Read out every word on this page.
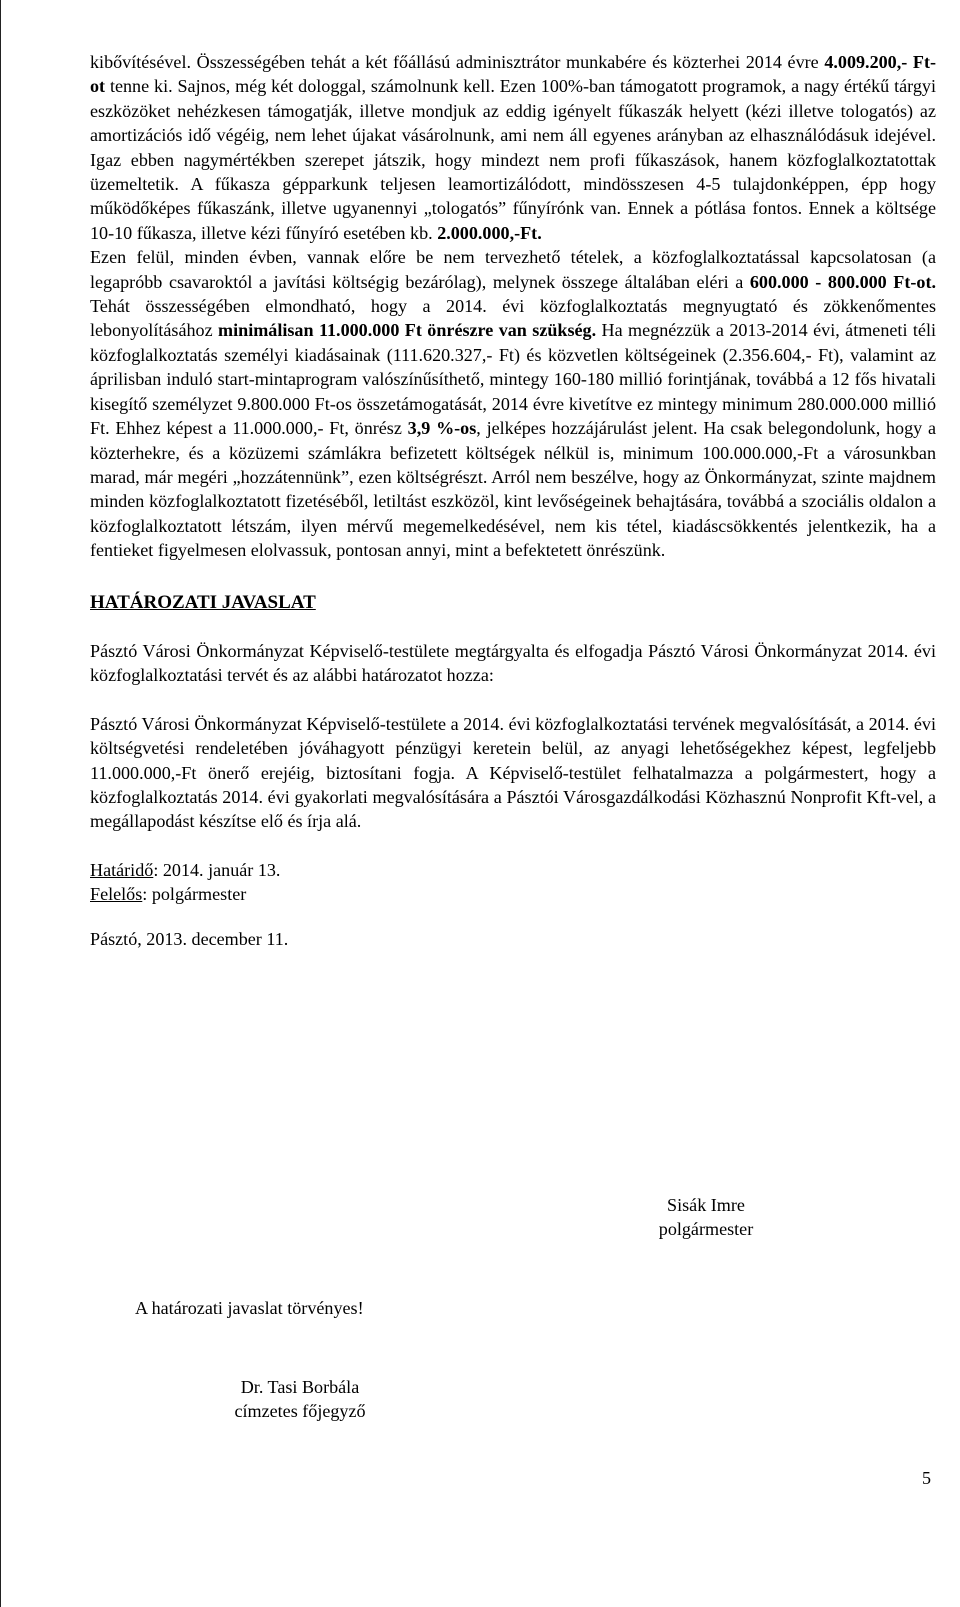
kibővítésével. Összességében tehát a két főállású adminisztrátor munkabére és közterhei 2014 évre 4.009.200,- Ft-ot tenne ki. Sajnos, még két dologgal, számolnunk kell. Ezen 100%-ban támogatott programok, a nagy értékű tárgyi eszközöket nehézkesen támogatják, illetve mondjuk az eddig igényelt fűkaszák helyett (kézi illetve tologatós) az amortizációs idő végéig, nem lehet újakat vásárolnunk, ami nem áll egyenes arányban az elhasználódásuk idejével. Igaz ebben nagymértékben szerepet játszik, hogy mindezt nem profi fűkaszások, hanem közfoglalkoztatottak üzemeltetik. A fűkasza gépparkunk teljesen leamortizálódott, mindösszesen 4-5 tulajdonképpen, épp hogy működőképes fűkaszánk, illetve ugyanennyi „tologatós” fűnyírónk van. Ennek a pótlása fontos. Ennek a költsége 10-10 fűkasza, illetve kézi fűnyíró esetében kb. 2.000.000,-Ft.

Ezen felül, minden évben, vannak előre be nem tervezhető tételek, a közfoglalkoztatással kapcsolatosan (a legapróbb csavaroktól a javítási költségig bezárólag), melynek összege általában eléri a 600.000 - 800.000 Ft-ot. Tehát összességében elmondható, hogy a 2014. évi közfoglalkoztatás megnyugtató és zökkenőmentes lebonyolításához minimálisan 11.000.000 Ft önrészre van szükség. Ha megnézzük a 2013-2014 évi, átmeneti téli közfoglalkoztatás személyi kiadásainak (111.620.327,- Ft) és közvetlen költségeinek (2.356.604,- Ft), valamint az áprilisban induló start-mintaprogram valószínűsíthető, mintegy 160-180 millió forintjának, továbbá a 12 fős hivatali kisegítő személyzet 9.800.000 Ft-os összetámogatását, 2014 évre kivetítve ez mintegy minimum 280.000.000 millió Ft. Ehhez képest a 11.000.000,- Ft, önrész 3,9 %-os, jelképes hozzájárulást jelent. Ha csak belegondolunk, hogy a közterhekre, és a közüzemi számlákra befizetett költségek nélkül is, minimum 100.000.000,-Ft a városunkban marad, már megéri „hozzátennünk”, ezen költségrészt. Arról nem beszélve, hogy az Önkormányzat, szinte majdnem minden közfoglalkoztatott fizetéséből, letiltást eszközöl, kint levőségeinek behajtására, továbbá a szociális oldalon a közfoglalkoztatott létszám, ilyen mérvű megemelkedésével, nem kis tétel, kiadáscsökkentés jelentkezik, ha a fentieket figyelmesen elolvassuk, pontosan annyi, mint a befektetett önrészünk.

HATÁROZATI JAVASLAT

Pásztó Városi Önkormányzat Képviselő-testülete megtárgyalta és elfogadja Pásztó Városi Önkormányzat 2014. évi közfoglalkoztatási tervét és az alábbi határozatot hozza:

Pásztó Városi Önkormányzat Képviselő-testülete a 2014. évi közfoglalkoztatási tervének megvalósítását, a 2014. évi költségvetési rendeletében jóváhagyott pénzügyi keretein belül, az anyagi lehetőségekhez képest, legfeljebb 11.000.000,-Ft önerő erejéig, biztosítani fogja. A Képviselő-testület felhatalmazza a polgármestert, hogy a közfoglalkoztatás 2014. évi gyakorlati megvalósítására a Pásztói Városgazdálkodási Közhasznú Nonprofit Kft-vel, a megállapodást készítse elő és írja alá.

Határidő: 2014. január 13.

Felelős: polgármester

Pásztó, 2013. december 11.

Sisák Imre
polgármester
A határozati javaslat törvényes!
Dr. Tasi Borbála
címzetes főjegyző
5
